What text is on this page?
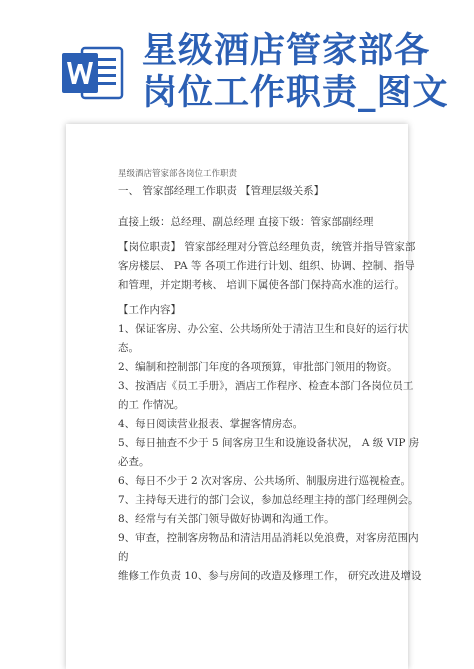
星级酒店管家部各
岗位工作职责_图文

星级酒店管家部各岗位工作职责

一、 管家部经理工作职责 【管理层级关系】

直接上级：总经理、副总经理 直接下级：管家部副经理

【岗位职责】 管家部经理对分管总经理负责，统管并指导管家部

客房楼层、 PA 等 各项工作进行计划、组织、协调、控制、指导

和管理，并定期考核、 培训下属使各部门保持高水准的运行。

【工作内容】

1、保证客房、办公室、公共场所处于清洁卫生和良好的运行状

态。

2、编制和控制部门年度的各项预算，审批部门领用的物资。

3、按酒店《员工手册》，酒店工作程序、检查本部门各岗位员工

的工 作情况。

4、每日阅读营业报表、掌握客情房态。

5、每日抽查不少于 5 间客房卫生和设施设备状况， A 级 VIP 房

必查。

6、每日不少于 2 次对客房、公共场所、制服房进行巡视检查。

7、主持每天进行的部门会议，参加总经理主持的部门经理例会。

8、经常与有关部门领导做好协调和沟通工作。

9、审查，控制客房物品和清洁用品消耗以免浪费，对客房范围内

的

维修工作负责 10、参与房间的改造及修理工作， 研究改进及增设
